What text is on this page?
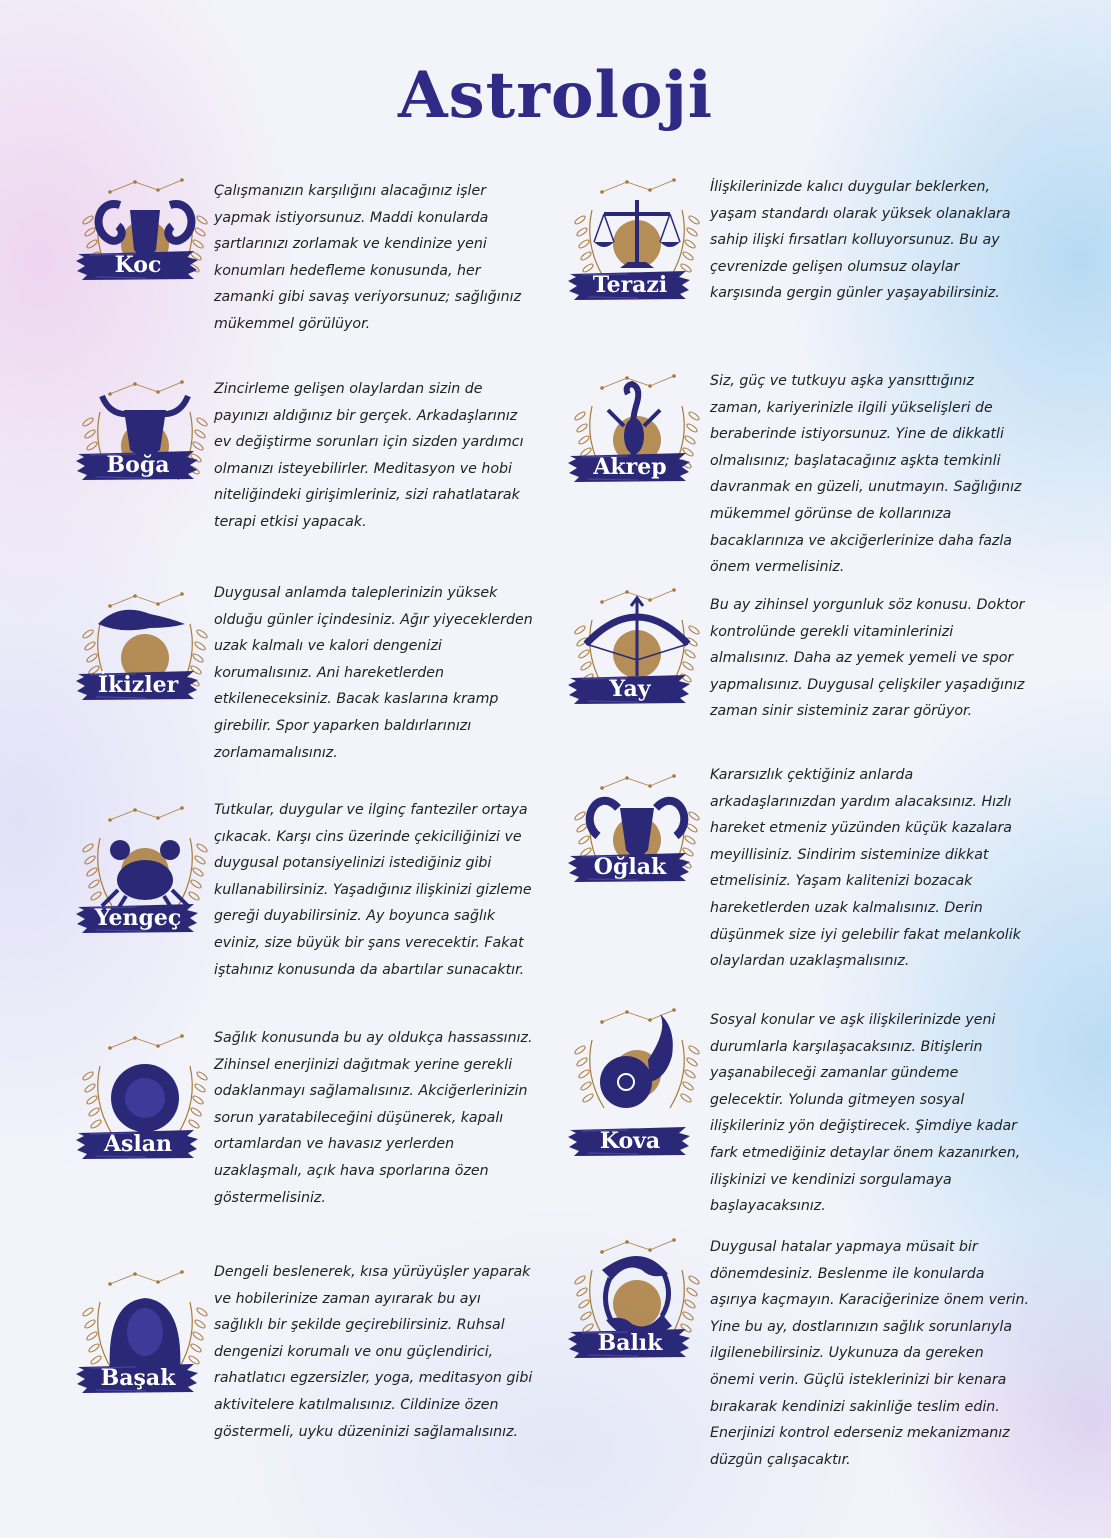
Astroloji
Koc
Çalışmanızın karşılığını alacağınız işler yapmak istiyorsunuz. Maddi konularda şartlarınızı zorlamak ve kendinize yeni konumları hedefleme konusunda, her zamanki gibi savaş veriyorsunuz; sağlığınız mükemmel görülüyor.
Boğa
Zincirleme gelişen olaylardan sizin de payınızı aldığınız bir gerçek. Arkadaşlarınız ev değiştirme sorunları için sizden yardımcı olmanızı isteyebilirler. Meditasyon ve hobi niteliğindeki girişimleriniz, sizi rahatlatarak terapi etkisi yapacak.
İkizler
Duygusal anlamda taleplerinizin yüksek olduğu günler içindesiniz. Ağır yiyeceklerden uzak kalmalı ve kalori dengenizi korumalısınız. Ani hareketlerden etkileneceksiniz. Bacak kaslarına kramp girebilir. Spor yaparken baldırlarınızı zorlamamalısınız.
Yengeç
Tutkular, duygular ve ilginç fanteziler ortaya çıkacak. Karşı cins üzerinde çekiciliğinizi ve duygusal potansiyelinizi istediğiniz gibi kullanabilirsiniz. Yaşadığınız ilişkinizi gizleme gereği duyabilirsiniz. Ay boyunca sağlık eviniz, size büyük bir şans verecektir. Fakat iştahınız konusunda da abartılar sunacaktır.
Aslan
Sağlık konusunda bu ay oldukça hassassınız. Zihinsel enerjinizi dağıtmak yerine gerekli odaklanmayı sağlamalısınız. Akciğerlerinizin sorun yaratabileceğini düşünerek, kapalı ortamlardan ve havasız yerlerden uzaklaşmalı, açık hava sporlarına özen göstermelisiniz.
Başak
Dengeli beslenerek, kısa yürüyüşler yaparak ve hobilerinize zaman ayırarak bu ayı sağlıklı bir şekilde geçirebilirsiniz. Ruhsal dengenizi korumalı ve onu güçlendirici, rahatlatıcı egzersizler, yoga, meditasyon gibi aktivitelere katılmalısınız. Cildinize özen göstermeli, uyku düzeninizi sağlamalısınız.
Terazi
İlişkilerinizde kalıcı duygular beklerken, yaşam standardı olarak yüksek olanaklara sahip ilişki fırsatları kolluyorsunuz. Bu ay çevrenizde gelişen olumsuz olaylar karşısında gergin günler yaşayabilirsiniz.
Akrep
Siz, güç ve tutkuyu aşka yansıttığınız zaman, kariyerinizle ilgili yükselişleri de beraberinde istiyorsunuz. Yine de dikkatli olmalısınız; başlatacağınız aşkta temkinli davranmak en güzeli, unutmayın. Sağlığınız mükemmel görünse de kollarınıza bacaklarınıza ve akciğerlerinize daha fazla önem vermelisiniz.
Yay
Bu ay zihinsel yorgunluk söz konusu. Doktor kontrolünde gerekli vitaminlerinizi almalısınız. Daha az yemek yemeli ve spor yapmalısınız. Duygusal çelişkiler yaşadığınız zaman sinir sisteminiz zarar görüyor.
Oğlak
Kararsızlık çektiğiniz anlarda arkadaşlarınızdan yardım alacaksınız. Hızlı hareket etmeniz yüzünden küçük kazalara meyillisiniz. Sindirim sisteminize dikkat etmelisiniz. Yaşam kalitenizi bozacak hareketlerden uzak kalmalısınız. Derin düşünmek size iyi gelebilir fakat melankolik olaylardan uzaklaşmalısınız.
Kova
Sosyal konular ve aşk ilişkilerinizde yeni durumlarla karşılaşacaksınız. Bitişlerin yaşanabileceği zamanlar gündeme gelecektir. Yolunda gitmeyen sosyal ilişkileriniz yön değiştirecek. Şimdiye kadar fark etmediğiniz detaylar önem kazanırken, ilişkinizi ve kendinizi sorgulamaya başlayacaksınız.
Balık
Duygusal hatalar yapmaya müsait bir dönemdesiniz. Beslenme ile konularda aşırıya kaçmayın. Karaciğerinize önem verin. Yine bu ay, dostlarınızın sağlık sorunlarıyla ilgilenebilirsiniz. Uykunuza da gereken önemi verin. Güçlü isteklerinizi bir kenara bırakarak kendinizi sakinliğe teslim edin. Enerjinizi kontrol ederseniz mekanizmanız düzgün çalışacaktır.
